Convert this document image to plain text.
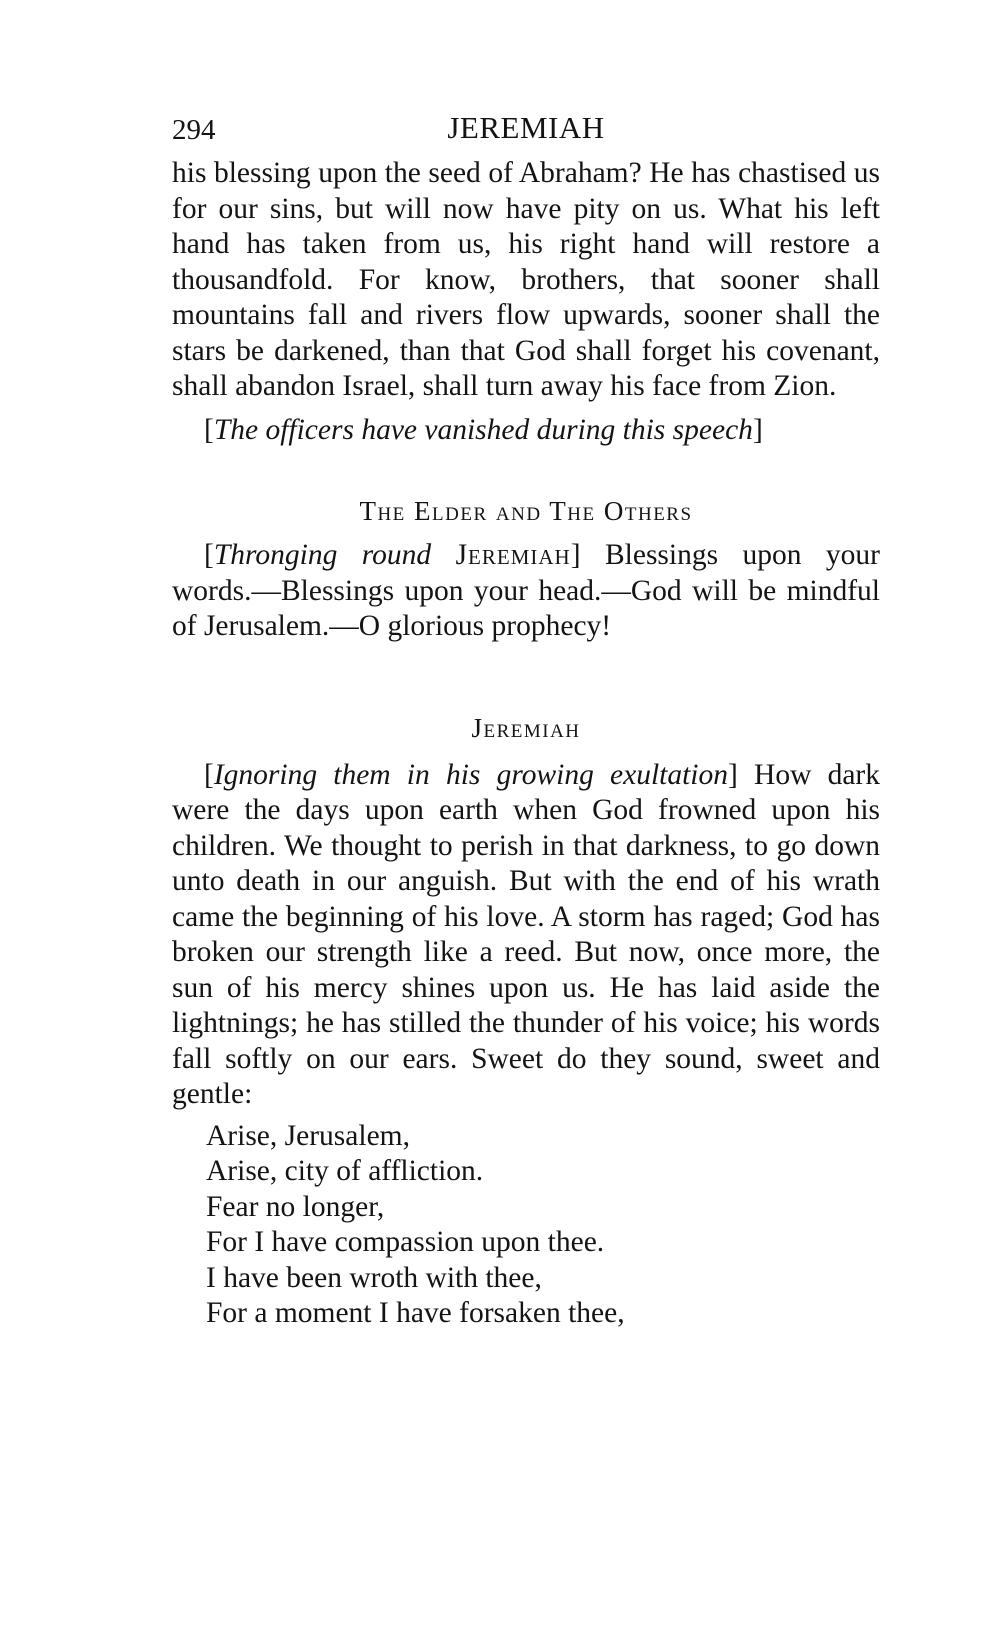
294	JEREMIAH

his blessing upon the seed of Abraham? He has chastised us for our sins, but will now have pity on us. What his left hand has taken from us, his right hand will restore a thousandfold. For know, brothers, that sooner shall mountains fall and rivers flow upwards, sooner shall the stars be darkened, than that God shall forget his covenant, shall abandon Israel, shall turn away his face from Zion.

[The officers have vanished during this speech]

The Elder and The Others

[Thronging round Jeremiah] Blessings upon your words.—Blessings upon your head.—God will be mindful of Jerusalem.—O glorious prophecy!

Jeremiah

[Ignoring them in his growing exultation] How dark were the days upon earth when God frowned upon his children. We thought to perish in that darkness, to go down unto death in our anguish. But with the end of his wrath came the beginning of his love. A storm has raged; God has broken our strength like a reed. But now, once more, the sun of his mercy shines upon us. He has laid aside the lightnings; he has stilled the thunder of his voice; his words fall softly on our ears. Sweet do they sound, sweet and gentle:

Arise, Jerusalem,
Arise, city of affliction.
Fear no longer,
For I have compassion upon thee.
I have been wroth with thee,
For a moment I have forsaken thee,
